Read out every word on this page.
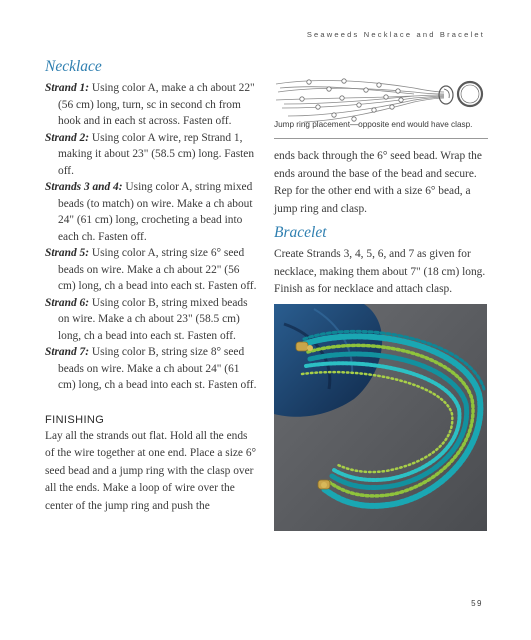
Seaweeds Necklace and Bracelet
Necklace

Strand 1: Using color A, make a ch about 22" (56 cm) long, turn, sc in second ch from hook and in each st across. Fasten off.

Strand 2: Using color A wire, rep Strand 1, making it about 23" (58.5 cm) long. Fasten off.

Strands 3 and 4: Using color A, string mixed beads (to match) on wire. Make a ch about 24" (61 cm) long, crocheting a bead into each ch. Fasten off.

Strand 5: Using color A, string size 6° seed beads on wire. Make a ch about 22" (56 cm) long, ch a bead into each st. Fasten off.

Strand 6: Using color B, string mixed beads on wire. Make a ch about 23" (58.5 cm) long, ch a bead into each st. Fasten off.

Strand 7: Using color B, string size 8° seed beads on wire. Make a ch about 24" (61 cm) long, ch a bead into each st. Fasten off.

FINISHING

Lay all the strands out flat. Hold all the ends of the wire together at one end. Place a size 6° seed bead and a jump ring with the clasp over all the ends. Make a loop of wire over the center of the jump ring and push the

Jump ring placement—opposite end would have clasp.

ends back through the 6° seed bead. Wrap the ends around the base of the bead and secure. Rep for the other end with a size 6° bead, a jump ring and clasp.

Bracelet

Create Strands 3, 4, 5, 6, and 7 as given for necklace, making them about 7" (18 cm) long. Finish as for necklace and attach clasp.

59
